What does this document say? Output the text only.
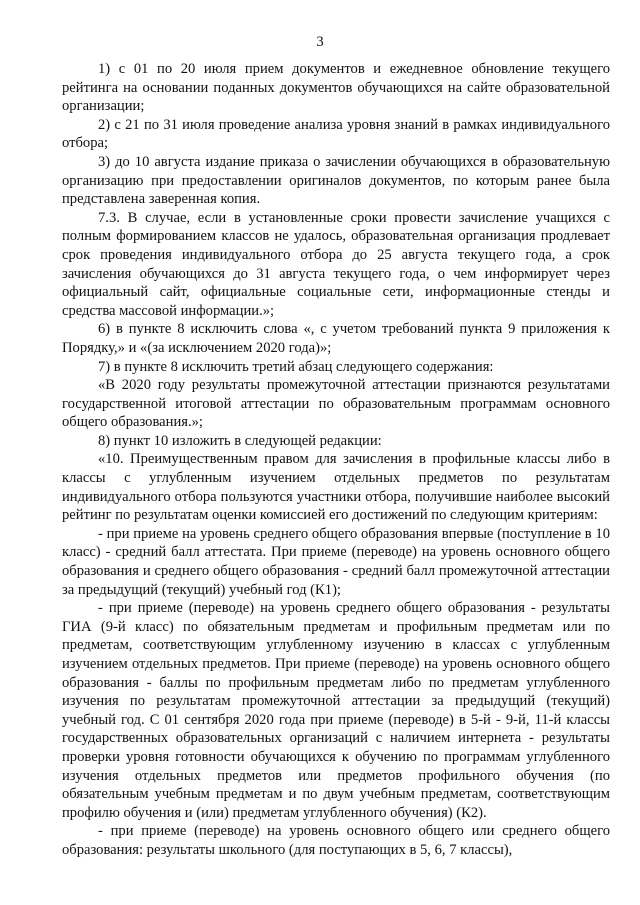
3

1) с 01 по 20 июля прием документов и ежедневное обновление текущего рейтинга на основании поданных документов обучающихся на сайте образовательной организации;

2) с 21 по 31 июля проведение анализа уровня знаний в рамках индивидуального отбора;

3) до 10 августа издание приказа о зачислении обучающихся в образовательную организацию при предоставлении оригиналов документов, по которым ранее была представлена заверенная копия.

7.3. В случае, если в установленные сроки провести зачисление учащихся с полным формированием классов не удалось, образовательная организация продлевает срок проведения индивидуального отбора до 25 августа текущего года, а срок зачисления обучающихся до 31 августа текущего года, о чем информирует через официальный сайт, официальные социальные сети, информационные стенды и средства массовой информации.»;

6) в пункте 8 исключить слова «, с учетом требований пункта 9 приложения к Порядку,» и «(за исключением 2020 года)»;

7) в пункте 8 исключить третий абзац следующего содержания:

«В 2020 году результаты промежуточной аттестации признаются результатами государственной итоговой аттестации по образовательным программам основного общего образования.»;

8) пункт 10 изложить в следующей редакции:

«10. Преимущественным правом для зачисления в профильные классы либо в классы с углубленным изучением отдельных предметов по результатам индивидуального отбора пользуются участники отбора, получившие наиболее высокий рейтинг по результатам оценки комиссией его достижений по следующим критериям:

- при приеме на уровень среднего общего образования впервые (поступление в 10 класс) - средний балл аттестата. При приеме (переводе) на уровень основного общего образования и среднего общего образования - средний балл промежуточной аттестации за предыдущий (текущий) учебный год (К1);

- при приеме (переводе) на уровень среднего общего образования - результаты ГИА (9-й класс) по обязательным предметам и профильным предметам или по предметам, соответствующим углубленному изучению в классах с углубленным изучением отдельных предметов. При приеме (переводе) на уровень основного общего образования - баллы по профильным предметам либо по предметам углубленного изучения по результатам промежуточной аттестации за предыдущий (текущий) учебный год. С 01 сентября 2020 года при приеме (переводе) в 5-й - 9-й, 11-й классы государственных образовательных организаций с наличием интернета - результаты проверки уровня готовности обучающихся к обучению по программам углубленного изучения отдельных предметов или предметов профильного обучения (по обязательным учебным предметам и по двум учебным предметам, соответствующим профилю обучения и (или) предметам углубленного обучения) (К2).

- при приеме (переводе) на уровень основного общего или среднего общего образования: результаты школьного (для поступающих в 5, 6, 7 классы),
